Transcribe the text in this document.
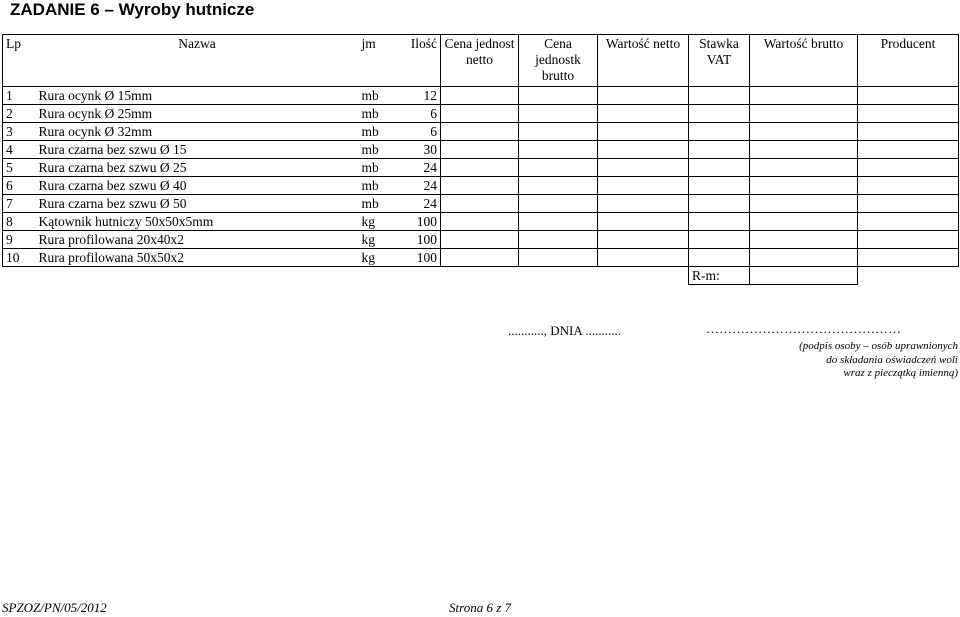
ZADANIE 6 – Wyroby hutnicze
Lp	Nazwa	jm	Ilość	Cena jednost netto	Cena jednostk brutto	Wartość netto	Stawka VAT	Wartość brutto	Producent
1	Rura ocynk Ø 15mm	mb	12						
2	Rura ocynk Ø 25mm	mb	6						
3	Rura ocynk Ø 32mm	mb	6						
4	Rura czarna bez szwu Ø 15	mb	30						
5	Rura czarna bez szwu Ø 25	mb	24						
6	Rura czarna bez szwu Ø 40	mb	24						
7	Rura czarna bez szwu Ø 50	mb	24						
8	Kątownik hutniczy 50x50x5mm	kg	100						
9	Rura profilowana 20x40x2	kg	100						
10	Rura profilowana 50x50x2	kg	100						
							R-m:		
..........., DNIA ...........	………………………………………
(podpis osoby – osób uprawnionych
do składania oświadczeń woli
wraz z pieczątką imienną)
SPZOZ/PN/05/2012	Strona 6 z 7
